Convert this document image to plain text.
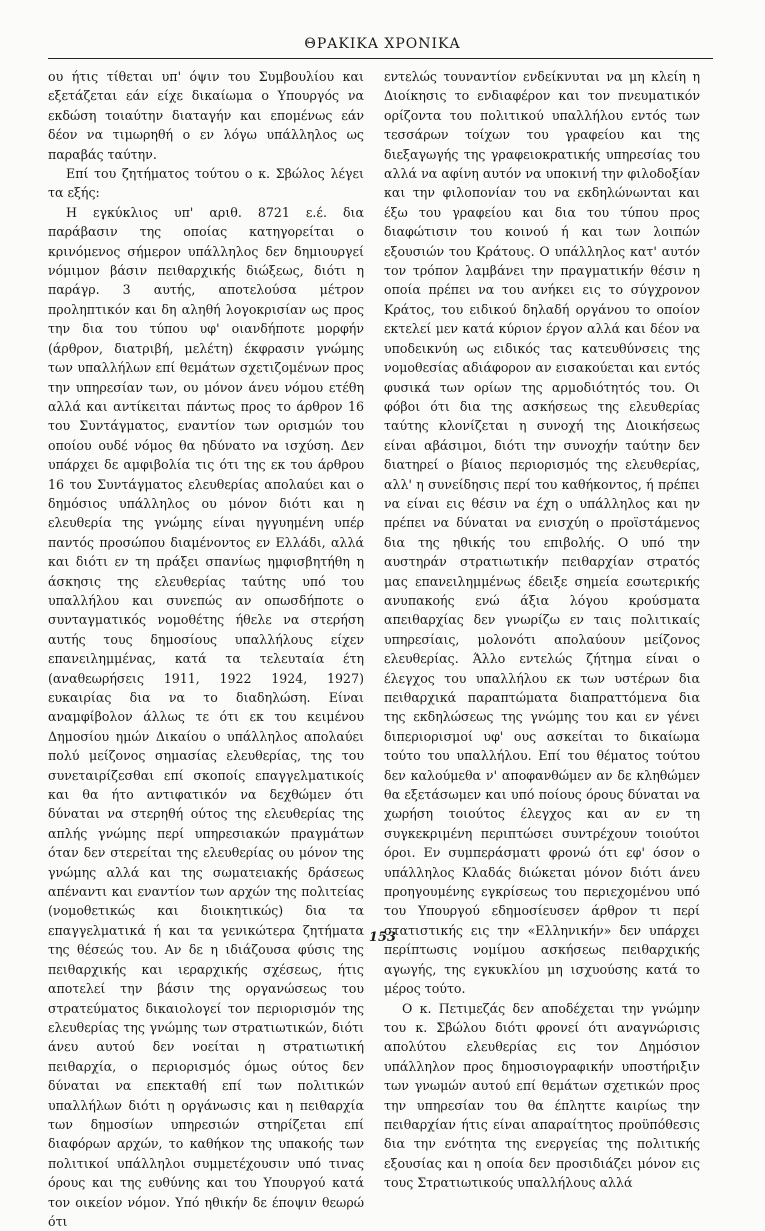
ΘΡΑΚΙΚΑ ΧΡΟΝΙΚΑ

ου ήτις τίθεται υπ' όψιν του Συμβουλίου και εξετάζεται εάν είχε δικαίωμα ο Υπουργός να εκδώση τοιαύτην διαταγήν και επομένως εάν δέον να τιμωρηθή ο εν λόγω υπάλληλος ως παραβάς ταύτην.

Επί του ζητήματος τούτου ο κ. Σβώλος λέγει τα εξής:

Η εγκύκλιος υπ' αριθ. 8721 ε.έ. δια παράβασιν της οποίας κατηγορείται ο κρινόμενος σήμερον υπάλληλος δεν δημιουργεί νόμιμον βάσιν πειθαρχικής διώξεως, διότι η παράγρ. 3 αυτής, αποτελούσα μέτρον προληπτικόν και δη αληθή λογοκρισίαν ως προς την δια του τύπου υφ' οιανδήποτε μορφήν (άρθρον, διατριβή, μελέτη) έκφρασιν γνώμης των υπαλλήλων επί θεμάτων σχετιζομένων προς την υπηρεσίαν των, ου μόνον άνευ νόμου ετέθη αλλά και αντίκειται πάντως προς το άρθρον 16 του Συντάγματος, εναντίον των ορισμών του οποίου ουδέ νόμος θα ηδύνατο να ισχύση. Δεν υπάρχει δε αμφιβολία τις ότι της εκ του άρθρου 16 του Συντάγματος ελευθερίας απολαύει και ο δημόσιος υπάλληλος ου μόνον διότι και η ελευθερία της γνώμης είναι ηγγυημένη υπέρ παντός προσώπου διαμένοντος εν Ελλάδι, αλλά και διότι εν τη πράξει σπανίως ημφισβητήθη η άσκησις της ελευθερίας ταύτης υπό του υπαλλήλου και συνεπώς αν οπωσδήποτε ο συνταγματικός νομοθέτης ήθελε να στερήση αυτής τους δημοσίους υπαλλήλους είχεν επανειλημμένας, κατά τα τελευταία έτη (αναθεωρήσεις 1911, 1922 1924, 1927) ευκαιρίας δια να το διαδηλώση. Είναι αναμφίβολον άλλως τε ότι εκ του κειμένου Δημοσίου ημών Δικαίου ο υπάλληλος απολαύει πολύ μείζονος σημασίας ελευθερίας, της του συνεταιρίζεσθαι επί σκοποίς επαγγελματικοίς και θα ήτο αντιφατικόν να δεχθώμεν ότι δύναται να στερηθή ούτος της ελευθερίας της απλής γνώμης περί υπηρεσιακών πραγμάτων όταν δεν στερείται της ελευθερίας ου μόνον της γνώμης αλλά και της σωματειακής δράσεως απέναντι και εναντίον των αρχών της πολιτείας (νομοθετικώς και διοικητικώς) δια τα επαγγελματικά ή και τα γενικώτερα ζητήματα της θέσεώς του. Αν δε η ιδιάζουσα φύσις της πειθαρχικής και ιεραρχικής σχέσεως, ήτις αποτελεί την βάσιν της οργανώσεως του στρατεύματος δικαιολογεί τον περιορισμόν της ελευθερίας της γνώμης των στρατιωτικών, διότι άνευ αυτού δεν νοείται η στρατιωτική πειθαρχία, ο περιορισμός όμως ούτος δεν δύναται να επεκταθή επί των πολιτικών υπαλλήλων διότι η οργάνωσις και η πειθαρχία των δημοσίων υπηρεσιών στηρίζεται επί διαφόρων αρχών, το καθήκον της υπακοής των πολιτικοί υπάλληλοι συμμετέχουσιν υπό τινας όρους και της ευθύνης και του Υπουργού κατά τον οικείον νόμον. Υπό ηθικήν δε έποψιν θεωρώ ότι

εντελώς τουναντίον ενδείκνυται να μη κλείη η Διοίκησις το ενδιαφέρον και τον πνευματικόν ορίζοντα του πολιτικού υπαλλήλου εντός των τεσσάρων τοίχων του γραφείου και της διεξαγωγής της γραφειοκρατικής υπηρεσίας του αλλά να αφίνη αυτόν να υποκινή την φιλοδοξίαν και την φιλοπονίαν του να εκδηλώνωνται και έξω του γραφείου και δια του τύπου προς διαφώτισιν του κοινού ή και των λοιπών εξουσιών του Κράτους. Ο υπάλληλος κατ' αυτόν τον τρόπον λαμβάνει την πραγματικήν θέσιν η οποία πρέπει να του ανήκει εις το σύγχρονον Κράτος, του ειδικού δηλαδή οργάνου το οποίον εκτελεί μεν κατά κύριον έργον αλλά και δέον να υποδεικνύη ως ειδικός τας κατευθύνσεις της νομοθεσίας αδιάφορον αν εισακούεται και εντός φυσικά των ορίων της αρμοδιότητός του. Οι φόβοι ότι δια της ασκήσεως της ελευθερίας ταύτης κλονίζεται η συνοχή της Διοικήσεως είναι αβάσιμοι, διότι την συνοχήν ταύτην δεν διατηρεί ο βίαιος περιορισμός της ελευθερίας, αλλ' η συνείδησις περί του καθήκοντος, ή πρέπει να είναι εις θέσιν να έχη ο υπάλληλος και ην πρέπει να δύναται να ενισχύη ο προϊστάμενος δια της ηθικής του επιβολής. Ο υπό την αυστηράν στρατιωτικήν πειθαρχίαν στρατός μας επανειλημμένως έδειξε σημεία εσωτερικής ανυπακοής ενώ άξια λόγου κρούσματα απειθαρχίας δεν γνωρίζω εν ταις πολιτικαίς υπηρεσίαις, μολονότι απολαύουν μείζονος ελευθερίας. Άλλο εντελώς ζήτημα είναι ο έλεγχος του υπαλλήλου εκ των υστέρων δια πειθαρχικά παραπτώματα διαπραττόμενα δια της εκδηλώσεως της γνώμης του και εν γένει διπεριορισμοί υφ' ους ασκείται το δικαίωμα τούτο του υπαλλήλου. Επί του θέματος τούτου δεν καλούμεθα ν' αποφανθώμεν αν δε κληθώμεν θα εξετάσωμεν και υπό ποίους όρους δύναται να χωρήση τοιούτος έλεγχος και αν εν τη συγκεκριμένη περιπτώσει συντρέχουν τοιούτοι όροι. Εν συμπεράσματι φρονώ ότι εφ' όσον ο υπάλληλος Κλαδάς διώκεται μόνον διότι άνευ προηγουμένης εγκρίσεως του περιεχομένου υπό του Υπουργού εδημοσίευσεν άρθρον τι περί στατιστικής εις την «Ελληνικήν» δεν υπάρχει περίπτωσις νομίμου ασκήσεως πειθαρχικής αγωγής, της εγκυκλίου μη ισχυούσης κατά το μέρος τούτο.

Ο κ. Πετιμεζάς δεν αποδέχεται την γνώμην του κ. Σβώλου διότι φρονεί ότι αναγνώρισις απολύτου ελευθερίας εις τον Δημόσιον υπάλληλον προς δημοσιογραφικήν υποστήριξιν των γνωμών αυτού επί θεμάτων σχετικών προς την υπηρεσίαν του θα έπληττε καιρίως την πειθαρχίαν ήτις είναι απαραίτητος προϋπόθεσις δια την ενότητα της ενεργείας της πολιτικής εξουσίας και η οποία δεν προσιδιάζει μόνον εις τους Στρατιωτικούς υπαλλήλους αλλά

153
